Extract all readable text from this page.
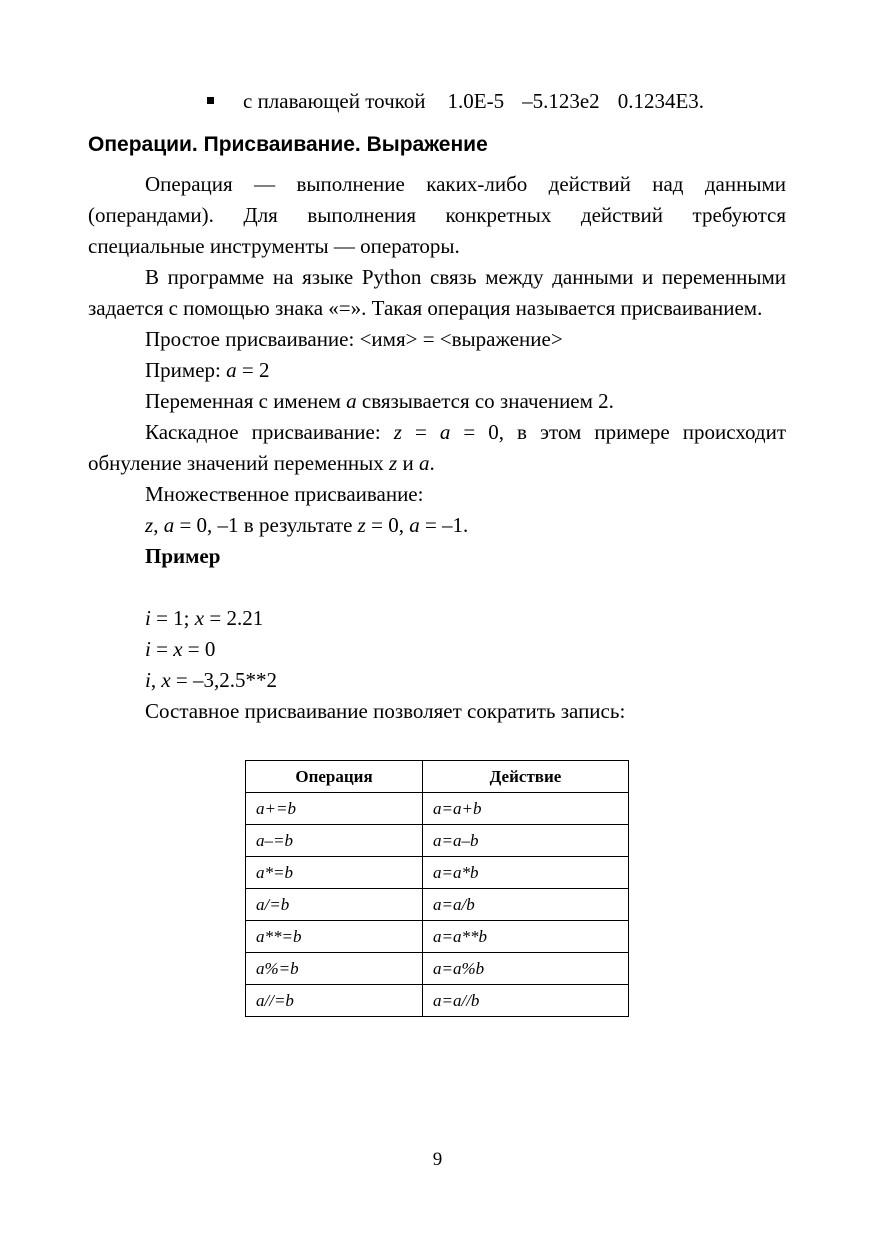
с плавающей точкой 1.0E-5 –5.123e2 0.1234E3.
Операции. Присваивание. Выражение

Операция — выполнение каких-либо действий над данными (операндами). Для выполнения конкретных действий требуются специальные инструменты — операторы.

В программе на языке Python связь между данными и переменными задается с помощью знака «=». Такая операция называется присваиванием.

Простое присваивание: <имя> = <выражение>

Пример: a = 2

Переменная с именем a связывается со значением 2.

Каскадное присваивание: z = a = 0, в этом примере происходит обнуление значений переменных z и a.

Множественное присваивание:

z, a = 0, –1 в результате z = 0, a = –1.

Пример

i = 1; x = 2.21

i = x = 0

i, x = –3,2.5**2

Составное присваивание позволяет сократить запись:

Операция	Действие
a+=b	a=a+b
a–=b	a=a–b
a*=b	a=a*b
a/=b	a=a/b
a**=b	a=a**b
a%=b	a=a%b
a//=b	a=a//b
9
